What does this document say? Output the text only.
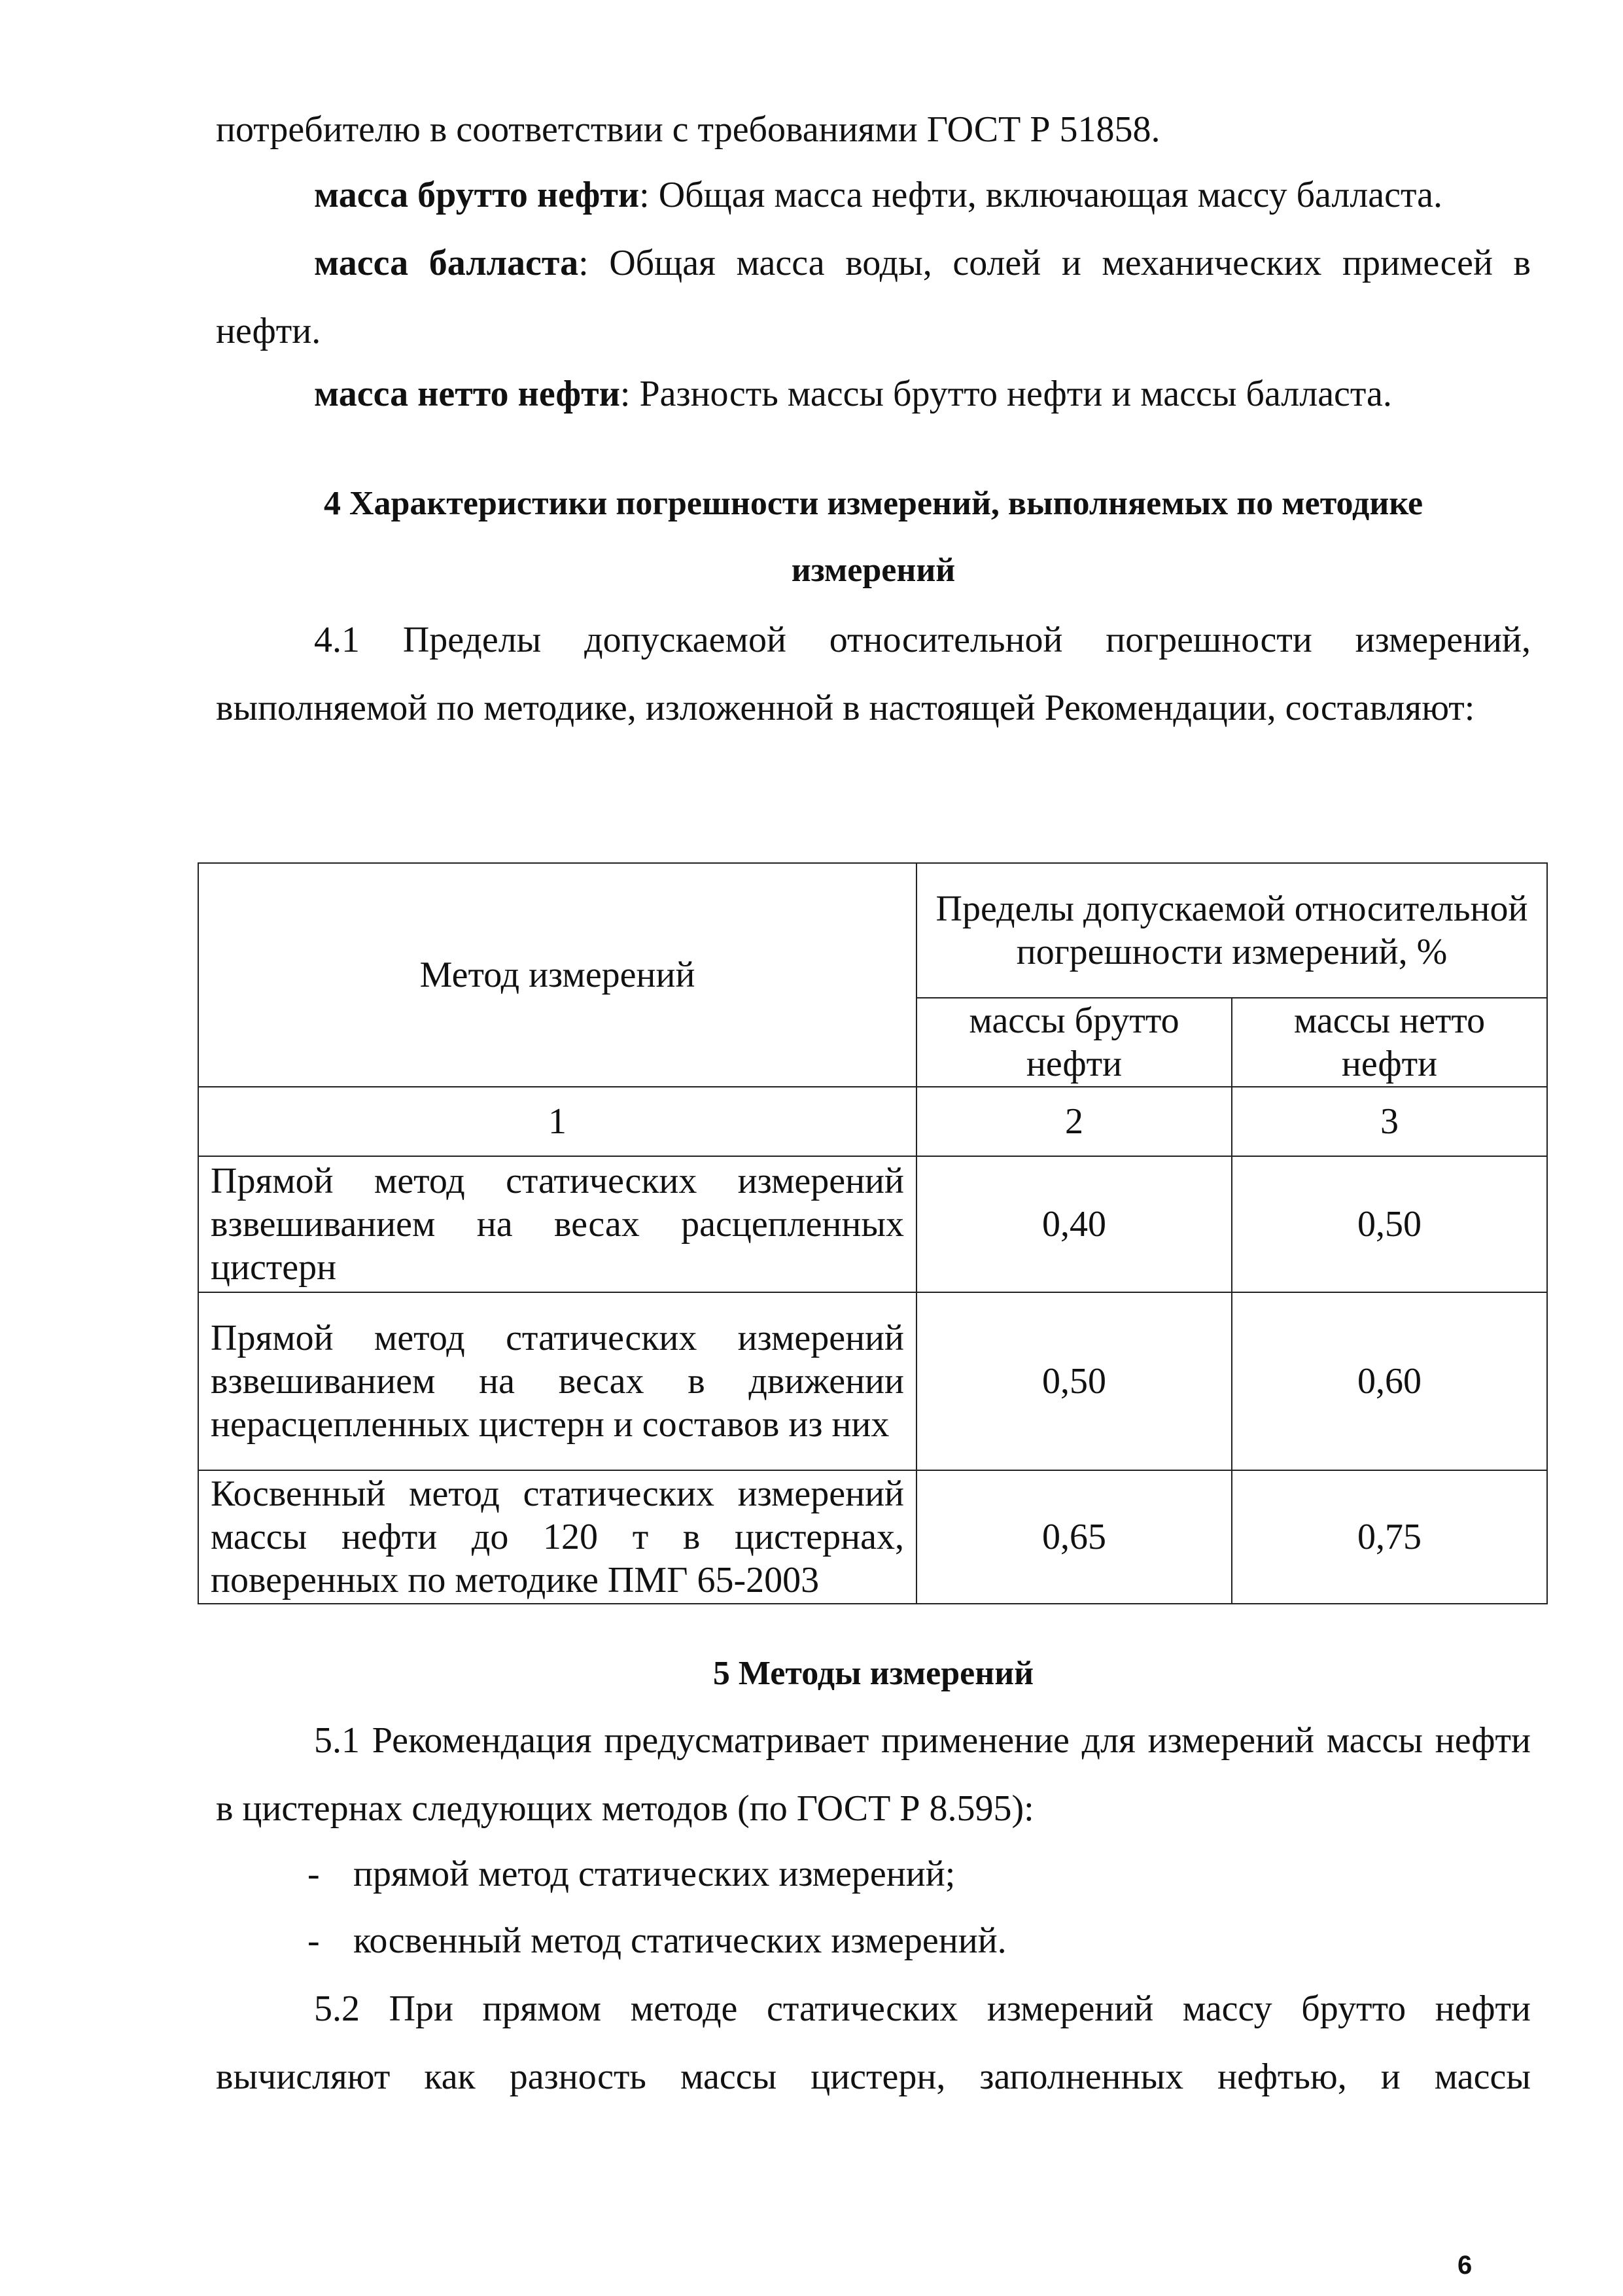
потребителю в соответствии с требованиями ГОСТ Р 51858.

масса брутто нефти: Общая масса нефти, включающая массу балласта.

масса балласта: Общая масса воды, солей и механических примесей в нефти.

масса нетто нефти: Разность массы брутто нефти и массы балласта.

4 Характеристики погрешности измерений, выполняемых по методике
измерений

4.1 Пределы допускаемой относительной погрешности измерений, выполняемой по методике, изложенной в настоящей Рекомендации, составляют:

Метод измерений	Пределы допускаемой относительной погрешности измерений, %	
	массы брутто нефти	массы нетто нефти
1	2	3
Прямой метод статических измерений взвешиванием на весах расцепленных цистерн	0,40	0,50
Прямой метод статических измерений взвешиванием на весах в движении нерасцепленных цистерн и составов из них	0,50	0,60
Косвенный метод статических измерений массы нефти до 120 т в цистернах, поверенных по методике ПМГ 65-2003	0,65	0,75
5 Методы измерений

5.1 Рекомендация предусматривает применение для измерений массы нефти в цистернах следующих методов (по ГОСТ Р 8.595):

- прямой метод статических измерений;
- косвенный метод статических измерений.

5.2 При прямом методе статических измерений массу брутто нефти вычисляют как разность массы цистерн, заполненных нефтью, и массы

6
